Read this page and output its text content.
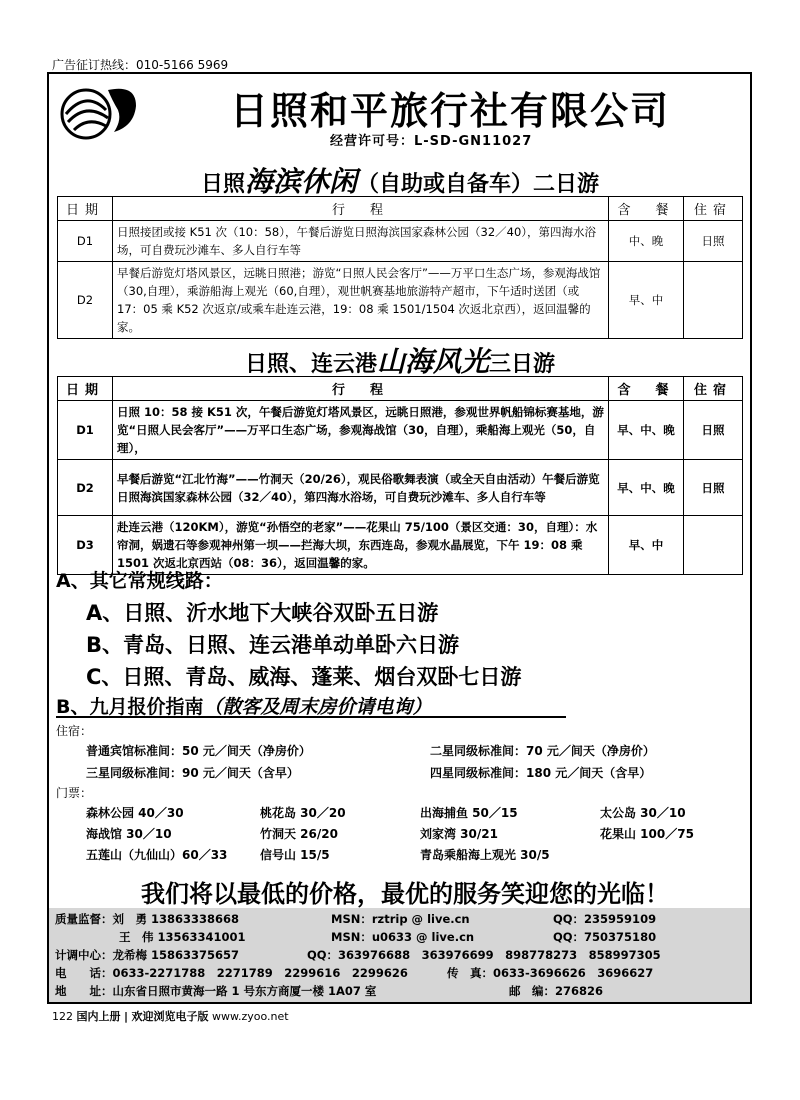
广告征订热线：010-5166 5969
日照和平旅行社有限公司
经营许可号：L-SD-GN11027
日照海滨休闲（自助或自备车）二日游
日期	行　程	含　餐	住宿
D1	日照接团或接 K51 次（10：58），午餐后游览日照海滨国家森林公园（32／40），第四海水浴场，可自费玩沙滩车、多人自行车等	中、晚	日照
D2	早餐后游览灯塔风景区，远眺日照港；游览“日照人民会客厅”——万平口生态广场，参观海战馆（30,自理），乘游船海上观光（60,自理），观世帆赛基地旅游特产超市，下午适时送团（或 17：05 乘 K52 次返京/或乘车赴连云港，19：08 乘 1501/1504 次返北京西），返回温馨的家。	早、中	
日照、连云港山海风光三日游
日期	行　程	含　餐	住宿
D1	日照 10：58 接 K51 次，午餐后游览灯塔风景区，远眺日照港，参观世界帆船锦标赛基地，游览“日照人民会客厅”——万平口生态广场，参观海战馆（30，自理），乘船海上观光（50，自理），	早、中、晚	日照
D2	早餐后游览“江北竹海”——竹洞天（20/26），观民俗歌舞表演（或全天自由活动）午餐后游览日照海滨国家森林公园（32／40），第四海水浴场，可自费玩沙滩车、多人自行车等	早、中、晚	日照
D3	赴连云港（120KM），游览“孙悟空的老家”——花果山 75/100（景区交通：30，自理）：水帘洞，娲遗石等参观神州第一坝——拦海大坝，东西连岛，参观水晶展览，下午 19：08 乘 1501 次返北京西站（08：36），返回温馨的家。	早、中	
A、其它常规线路：
A、日照、沂水地下大峡谷双卧五日游
B、青岛、日照、连云港单动单卧六日游
C、日照、青岛、威海、蓬莱、烟台双卧七日游
B、九月报价指南（散客及周末房价请电询）
住宿：
普通宾馆标准间：50 元／间天（净房价）	二星同级标准间：70 元／间天（净房价）
三星同级标准间：90 元／间天（含早）	四星同级标准间：180 元／间天（含早）
门票：
森林公园 40／30	桃花岛 30／20	出海捕鱼 50／15	太公岛 30／10
海战馆 30／10	竹洞天 26/20	刘家湾 30/21	花果山 100／75
五莲山（九仙山）60／33	信号山 15/5	青岛乘船海上观光 30/5
我们将以最低的价格，最优的服务笑迎您的光临！
质量监督：刘　勇 13863338668	MSN：rztrip @ live.cn	QQ：235959109
王　伟 13563341001	MSN：u0633 @ live.cn	QQ：750375180
计调中心：龙希梅 15863375657	QQ：363976688　363976699　898778273　858997305
电　　话：0633-2271788　2271789　2299616　2299626	传　真：0633-3696626　3696627
地　　址：山东省日照市黄海一路 1 号东方商厦一楼 1A07 室	邮　编：276826
122 国内上册 | 欢迎浏览电子版 www.zyoo.net
